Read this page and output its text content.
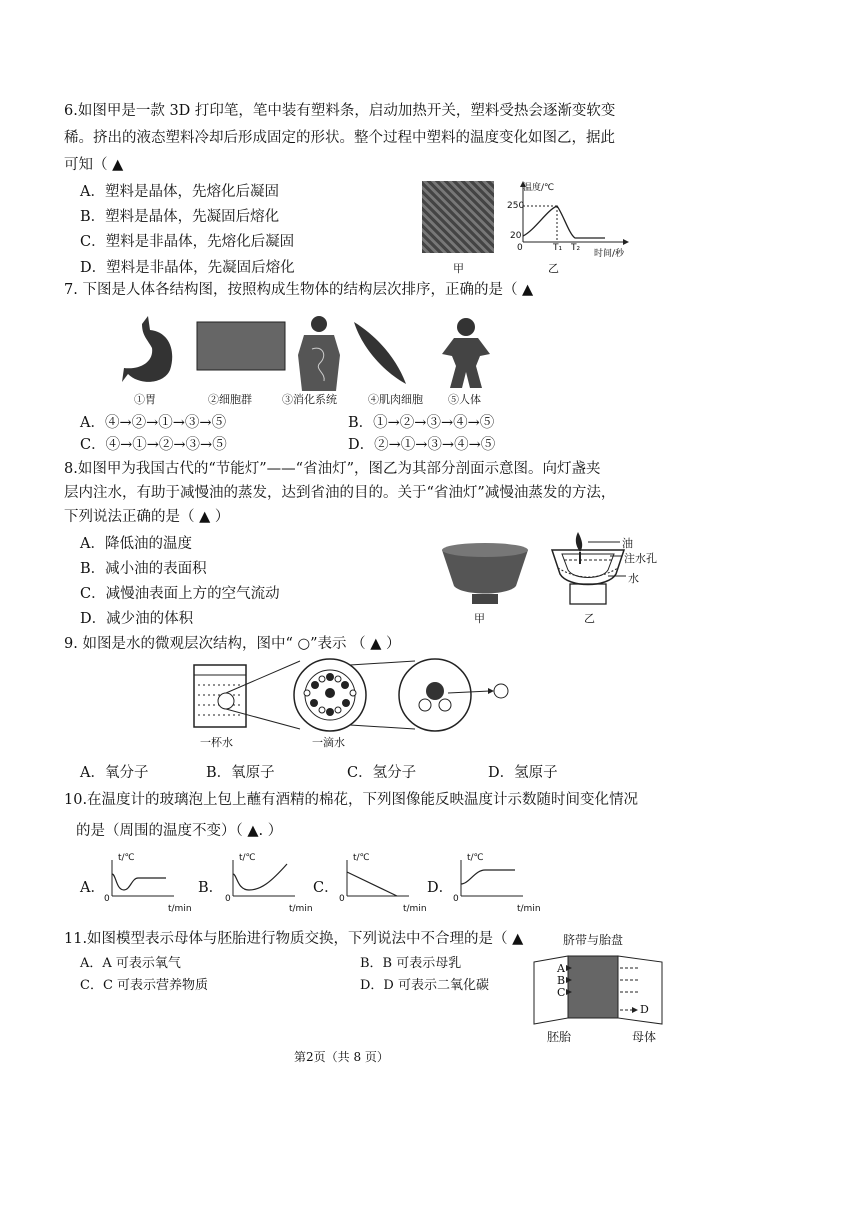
6.如图甲是一款 3D 打印笔，笔中装有塑料条，启动加热开关，塑料受热会逐渐变软变
稀。挤出的液态塑料冷却后形成固定的形状。整个过程中塑料的温度变化如图乙，据此
可知（ ▲
A．塑料是晶体，先熔化后凝固
B．塑料是晶体，先凝固后熔化
C．塑料是非晶体，先熔化后凝固
D．塑料是非晶体，先凝固后熔化	甲
温度/℃
250
20
0	T₁ T₂
时间/秒
乙
7. 下图是人体各结构图，按照构成生物体的结构层次排序，正确的是（ ▲
①胃	②细胞群	③消化系统	④肌肉细胞 ⑤人体
A．④→②→①→③→⑤	B．①→②→③→④→⑤
C．④→①→②→③→⑤	D．②→①→③→④→⑤
8.如图甲为我国古代的“节能灯”——“省油灯”，图乙为其部分剖面示意图。向灯盏夹
层内注水，有助于减慢油的蒸发，达到省油的目的。关于“省油灯”减慢油蒸发的方法，
下列说法正确的是（ ▲ ）
A．降低油的温度
B．减小油的表面积
C．减慢油表面上方的空气流动
D．减少油的体积	甲
油
注水孔
水
乙
9. 如图是水的微观层次结构，图中“ ○”表示 （ ▲ ）
一杯水	一滴水
A．氧分子	B．氧原子	C．氢分子	D．氢原子
10.在温度计的玻璃泡上包上蘸有酒精的棉花，下列图像能反映温度计示数随时间变化情况
的是（周围的温度不变）（ ▲. ）
A．	B．	C．	D．
t/℃	t/℃	t/℃	t/℃
0	0	0	0
t/min	t/min	t/min	t/min
11.如图模型表示母体与胚胎进行物质交换，下列说法中不合理的是（ ▲
A．A 可表示氧气	B．B 可表示母乳
C．C 可表示营养物质	D．D 可表示二氧化碳
脐带与胎盘
A
B
C
D
胚胎	母体
第2页（共 8 页）
